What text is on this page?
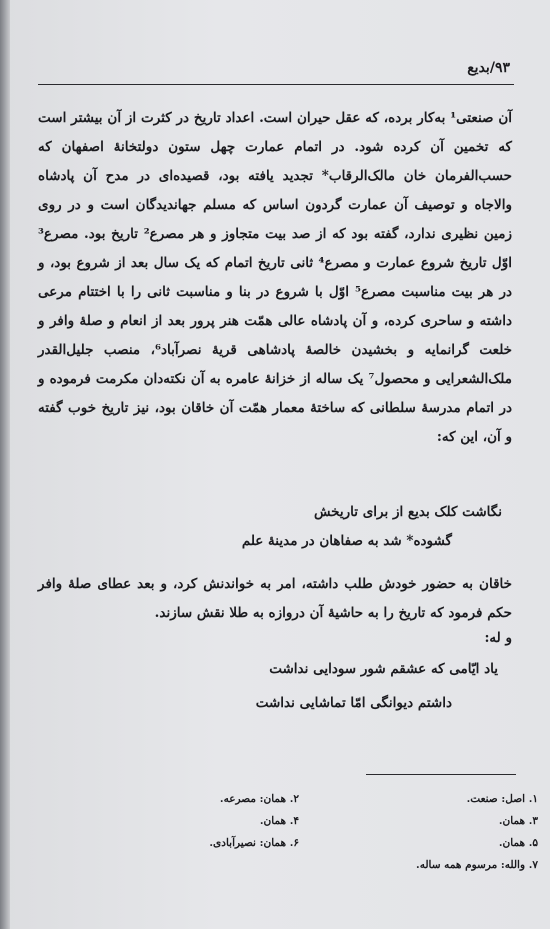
۹۳/بدیع

آن صنعتی¹ به‌کار برده، که عقل حیران است. اعداد تاریخ در کثرت از آن بیشتر است که تخمین آن کرده شود. در اتمام عمارت چهل ستون دولتخانهٔ اصفهان که حسب‌الفرمان خان مالک‌الرقاب* تجدید یافته بود، قصیده‌ای در مدح آن پادشاه والاجاه و توصیف آن عمارت گردون اساس که مسلم جهاندیدگان است و در روی زمین نظیری ندارد، گفته بود که از صد بیت متجاوز و هر مصرع² تاریخ بود. مصرع³ اوّل تاریخ شروع عمارت و مصرع⁴ ثانی تاریخ اتمام که یک سال بعد از شروع بود، و در هر بیت مناسبت مصرع⁵ اوّل با شروع در بنا و مناسبت ثانی را با اختتام مرعی داشته و ساحری کرده، و آن پادشاه عالی همّت هنر پرور بعد از انعام و صلهٔ وافر و خلعت گرانمایه و بخشیدن خالصهٔ پادشاهی قریهٔ نصرآباد⁶، منصب جلیل‌القدر ملک‌الشعرایی و محصول⁷ یک ساله از خزانهٔ عامره به آن نکته‌دان مکرمت فرموده و در اتمام مدرسهٔ سلطانی که ساختهٔ معمار همّت آن خاقان بود، نیز تاریخ خوب گفته و آن، این که:

نگاشت کلک بدیع از برای تاریخش
گشوده* شد به صفاهان در مدینهٔ علم
خاقان به حضور خودش طلب داشته، امر به خواندنش کرد، و بعد عطای صلهٔ وافر حکم فرمود که تاریخ را به حاشیهٔ آن دروازه به طلا نقش سازند.
و له:
یاد ایّامی که عشقم شور سودایی نداشت
داشتم دیوانگی امّا تماشایی نداشت
۱. اصل: صنعت.
۲. همان: مصرعه.
۳. همان.
۴. همان.
۵. همان.
۶. همان: نصیرآبادی.
۷. والله: مرسوم همه ساله.
